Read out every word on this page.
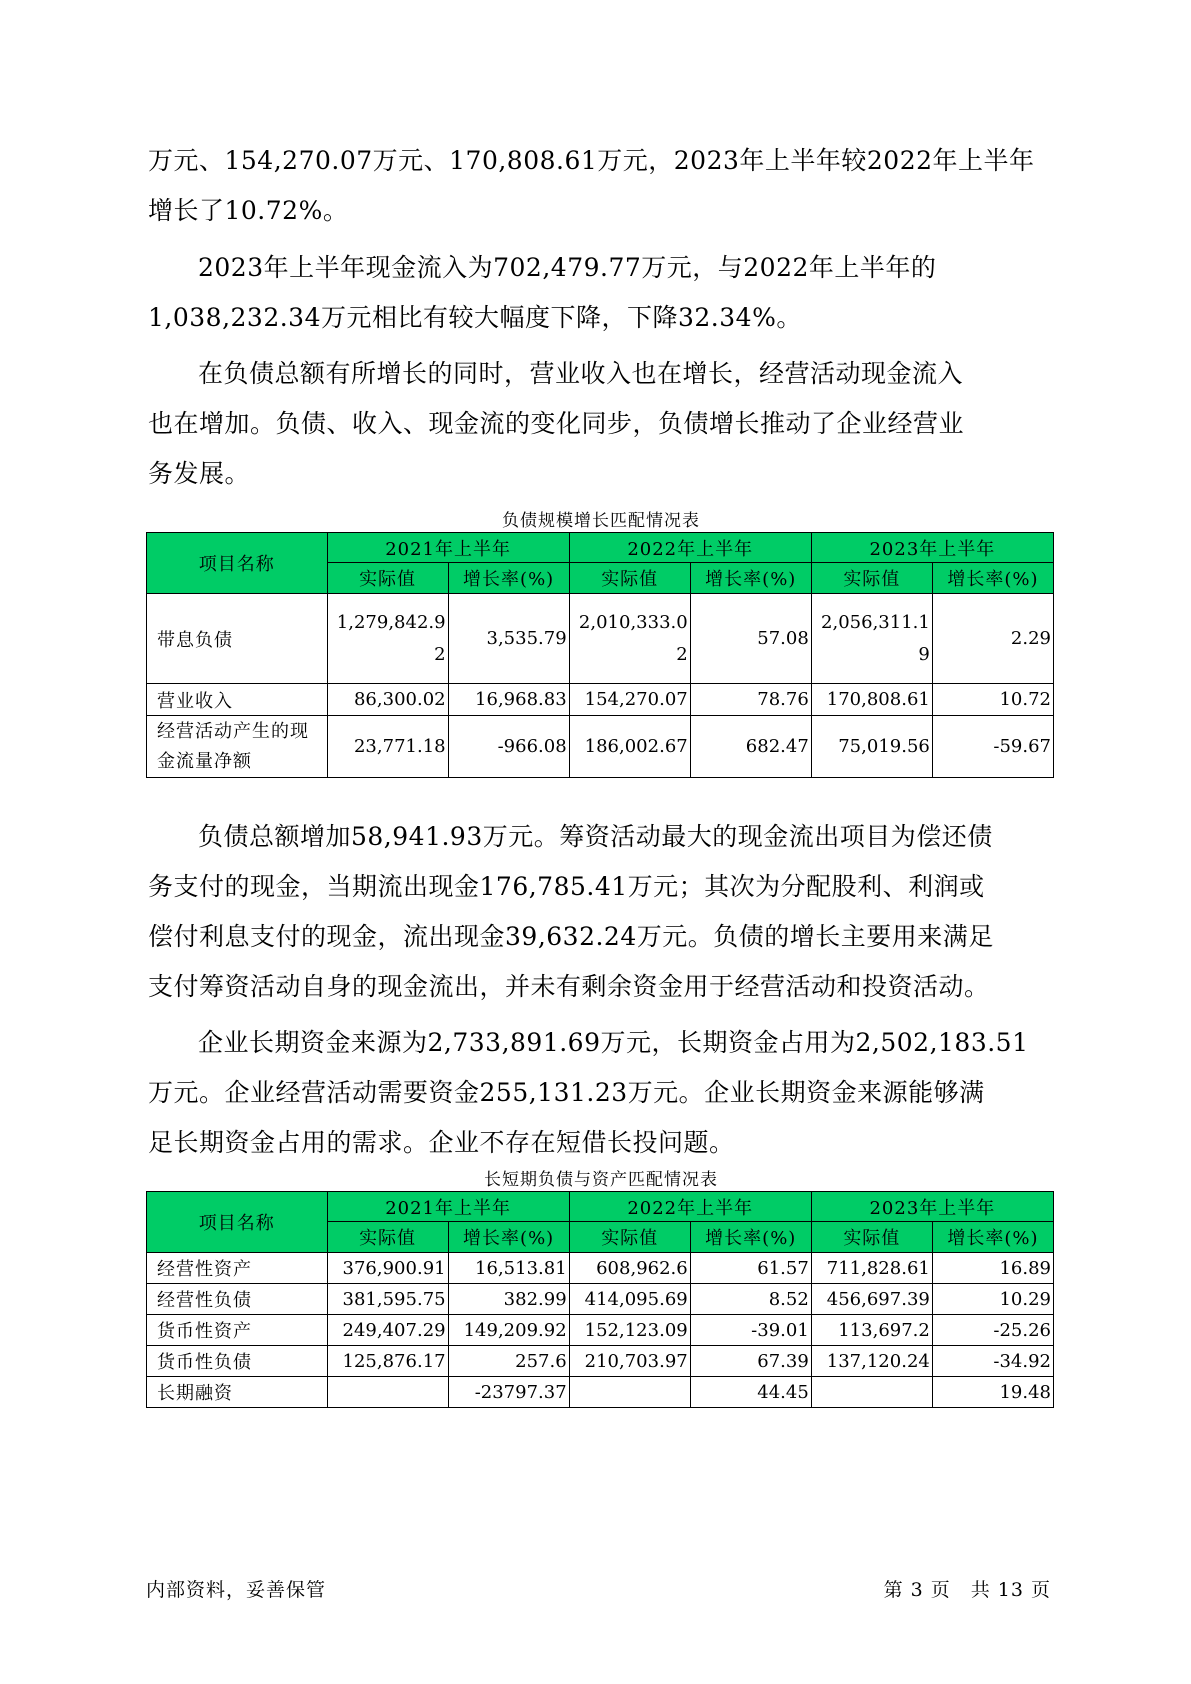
万元、154,270.07万元、170,808.61万元，2023年上半年较2022年上半年
增长了10.72%。

2023年上半年现金流入为702,479.77万元，与2022年上半年的
1,038,232.34万元相比有较大幅度下降，下降32.34%。

在负债总额有所增长的同时，营业收入也在增长，经营活动现金流入
也在增加。负债、收入、现金流的变化同步，负债增长推动了企业经营业
务发展。

负债规模增长匹配情况表
项目名称	2021年上半年		2022年上半年		2023年上半年	
	实际值	增长率(%)	实际值	增长率(%)	实际值	增长率(%)
带息负债	1,279,842.92	3,535.79	2,010,333.02	57.08	2,056,311.19	2.29
营业收入	86,300.02	16,968.83	154,270.07	78.76	170,808.61	10.72
经营活动产生的现金流量净额	23,771.18	-966.08	186,002.67	682.47	75,019.56	-59.67

负债总额增加58,941.93万元。筹资活动最大的现金流出项目为偿还债
务支付的现金，当期流出现金176,785.41万元；其次为分配股利、利润或
偿付利息支付的现金，流出现金39,632.24万元。负债的增长主要用来满足
支付筹资活动自身的现金流出，并未有剩余资金用于经营活动和投资活动。

企业长期资金来源为2,733,891.69万元，长期资金占用为2,502,183.51
万元。企业经营活动需要资金255,131.23万元。企业长期资金来源能够满
足长期资金占用的需求。企业不存在短借长投问题。

长短期负债与资产匹配情况表
项目名称	2021年上半年		2022年上半年		2023年上半年	
	实际值	增长率(%)	实际值	增长率(%)	实际值	增长率(%)
经营性资产	376,900.91	16,513.81	608,962.6	61.57	711,828.61	16.89
经营性负债	381,595.75	382.99	414,095.69	8.52	456,697.39	10.29
货币性资产	249,407.29	149,209.92	152,123.09	-39.01	113,697.2	-25.26
货币性负债	125,876.17	257.6	210,703.97	67.39	137,120.24	-34.92
长期融资		-23797.37		44.45		19.48
内部资料，妥善保管	第 3 页　共 13 页
